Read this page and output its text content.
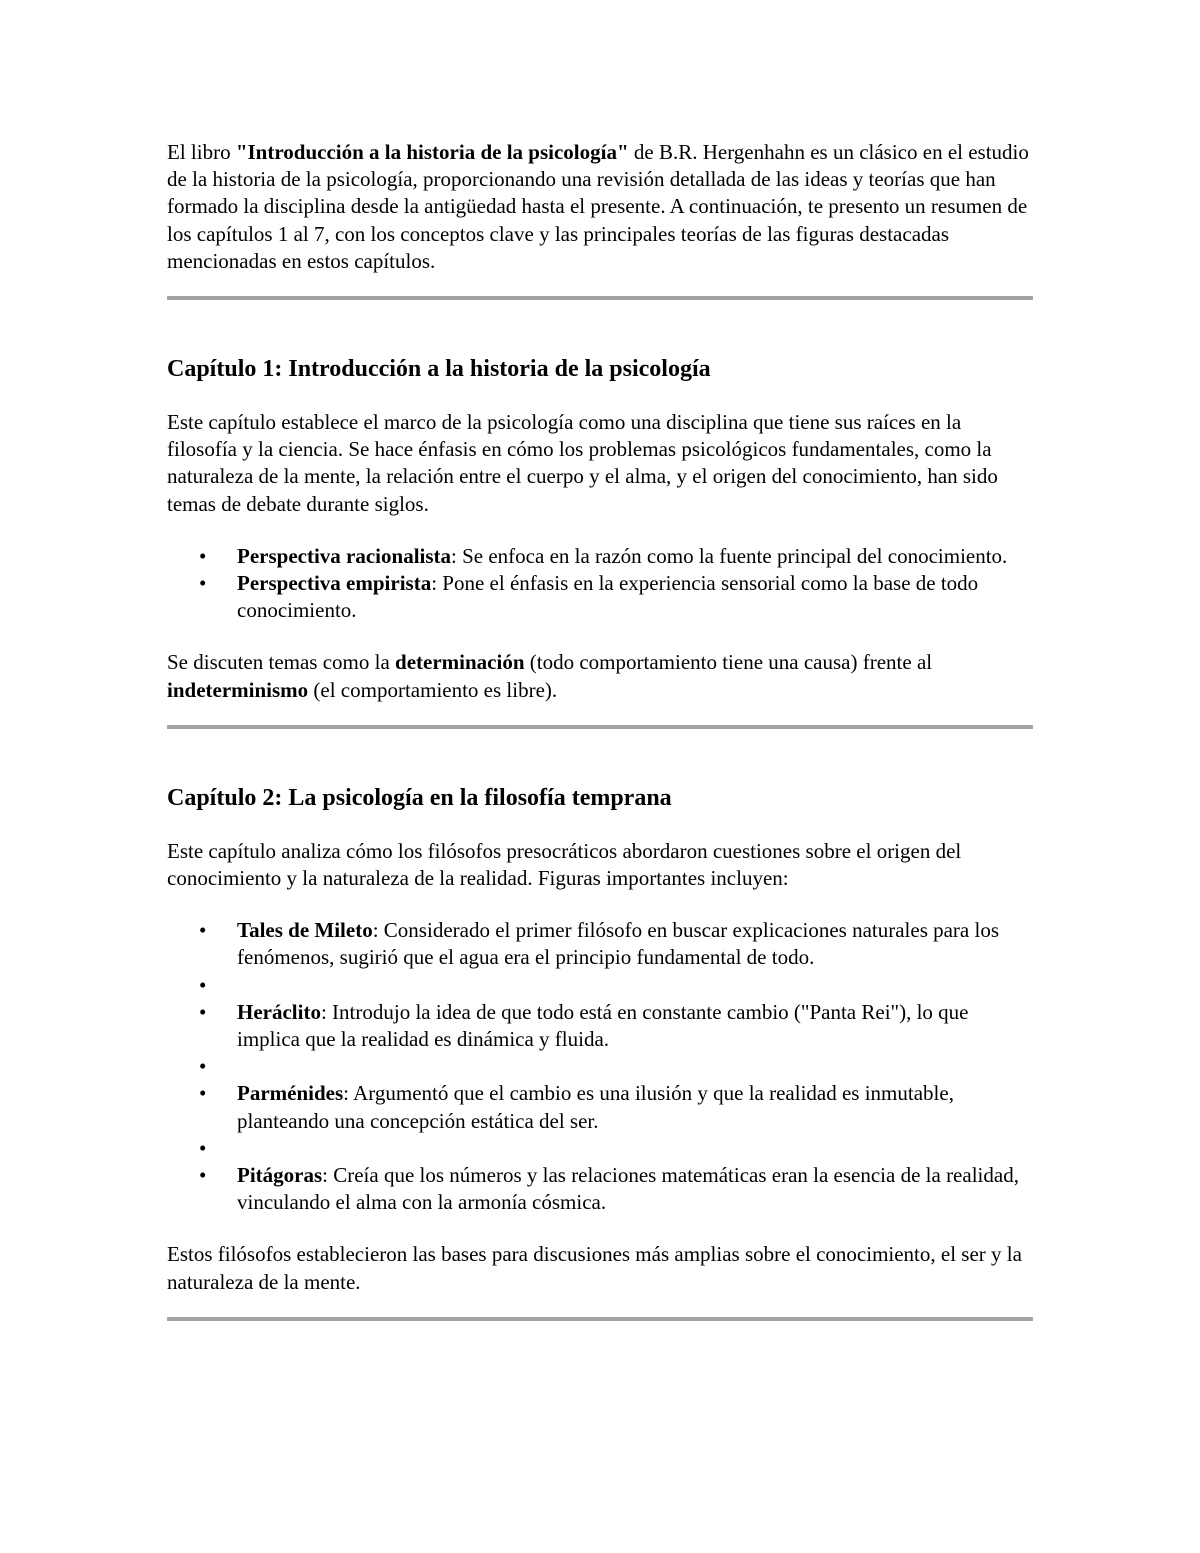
El libro "Introducción a la historia de la psicología" de B.R. Hergenhahn es un clásico en el estudio de la historia de la psicología, proporcionando una revisión detallada de las ideas y teorías que han formado la disciplina desde la antigüedad hasta el presente. A continuación, te presento un resumen de los capítulos 1 al 7, con los conceptos clave y las principales teorías de las figuras destacadas mencionadas en estos capítulos.

Capítulo 1: Introducción a la historia de la psicología

Este capítulo establece el marco de la psicología como una disciplina que tiene sus raíces en la filosofía y la ciencia. Se hace énfasis en cómo los problemas psicológicos fundamentales, como la naturaleza de la mente, la relación entre el cuerpo y el alma, y el origen del conocimiento, han sido temas de debate durante siglos.

• Perspectiva racionalista: Se enfoca en la razón como la fuente principal del conocimiento.
• Perspectiva empirista: Pone el énfasis en la experiencia sensorial como la base de todo conocimiento.

Se discuten temas como la determinación (todo comportamiento tiene una causa) frente al indeterminismo (el comportamiento es libre).

Capítulo 2: La psicología en la filosofía temprana

Este capítulo analiza cómo los filósofos presocráticos abordaron cuestiones sobre el origen del conocimiento y la naturaleza de la realidad. Figuras importantes incluyen:

• Tales de Mileto: Considerado el primer filósofo en buscar explicaciones naturales para los fenómenos, sugirió que el agua era el principio fundamental de todo.
•
• Heráclito: Introdujo la idea de que todo está en constante cambio ("Panta Rei"), lo que implica que la realidad es dinámica y fluida.
•
• Parménides: Argumentó que el cambio es una ilusión y que la realidad es inmutable, planteando una concepción estática del ser.
•
• Pitágoras: Creía que los números y las relaciones matemáticas eran la esencia de la realidad, vinculando el alma con la armonía cósmica.

Estos filósofos establecieron las bases para discusiones más amplias sobre el conocimiento, el ser y la naturaleza de la mente.
